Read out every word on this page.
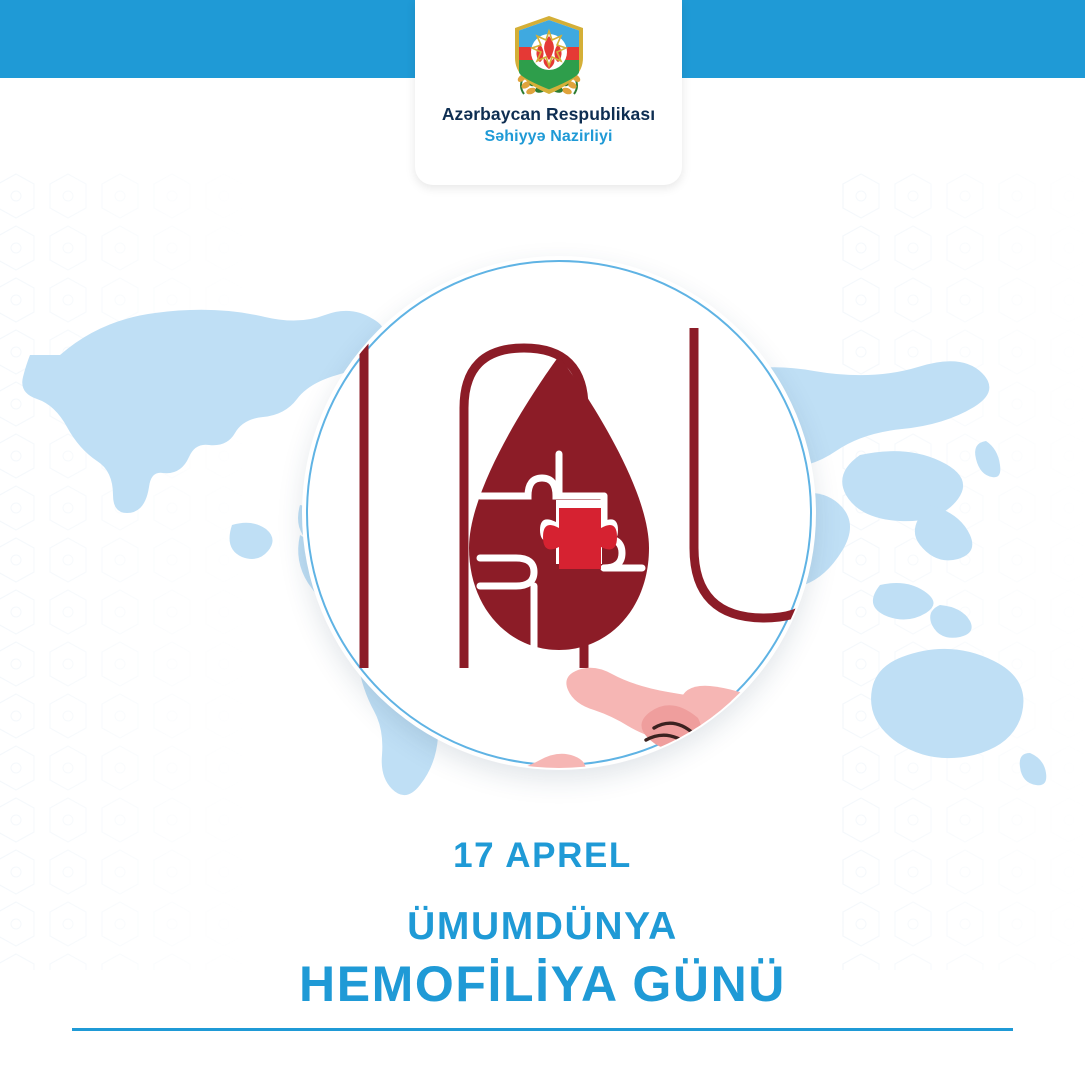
Azərbaycan Respublikası
Səhiyyə Nazirliyi
17 APREL
ÜMUMDÜNYA
HEMOFİLİYA GÜNÜ
